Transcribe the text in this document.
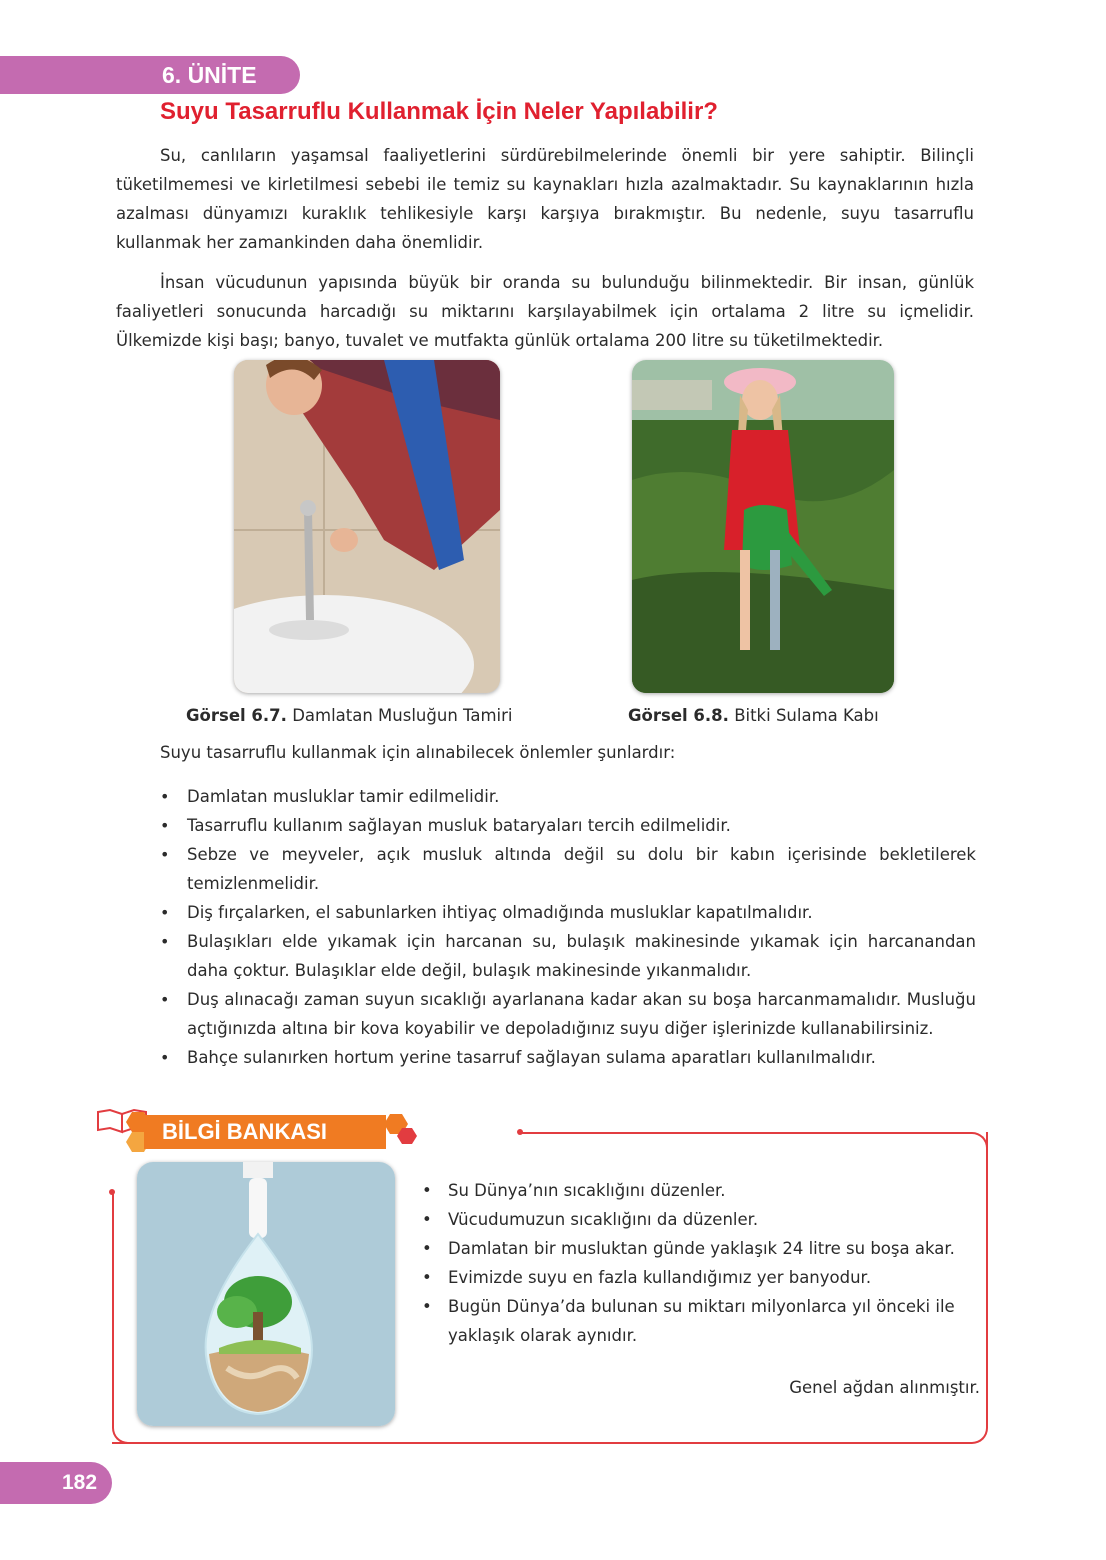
6. ÜNİTE
Suyu Tasarruflu Kullanmak İçin Neler Yapılabilir?

Su, canlıların yaşamsal faaliyetlerini sürdürebilmelerinde önemli bir yere sahiptir. Bilinçli tüketilmemesi ve kirletilmesi sebebi ile temiz su kaynakları hızla azalmaktadır. Su kaynaklarının hızla azalması dünyamızı kuraklık tehlikesiyle karşı karşıya bırakmıştır. Bu nedenle, suyu tasarruflu kullanmak her zamankinden daha önemlidir.

İnsan vücudunun yapısında büyük bir oranda su bulunduğu bilinmektedir. Bir insan, günlük faaliyetleri sonucunda harcadığı su miktarını karşılayabilmek için ortalama 2 litre su içmelidir. Ülkemizde kişi başı; banyo, tuvalet ve mutfakta günlük ortalama 200 litre su tüketilmektedir.

Görsel 6.7. Damlatan Musluğun Tamiri	Görsel 6.8. Bitki Sulama Kabı

Suyu tasarruflu kullanmak için alınabilecek önlemler şunlardır:

• Damlatan musluklar tamir edilmelidir.
• Tasarruflu kullanım sağlayan musluk bataryaları tercih edilmelidir.
• Sebze ve meyveler, açık musluk altında değil su dolu bir kabın içerisinde bekletilerek temizlenmelidir.
• Diş fırçalarken, el sabunlarken ihtiyaç olmadığında musluklar kapatılmalıdır.
• Bulaşıkları elde yıkamak için harcanan su, bulaşık makinesinde yıkamak için harcanandan daha çoktur. Bulaşıklar elde değil, bulaşık makinesinde yıkanmalıdır.
• Duş alınacağı zaman suyun sıcaklığı ayarlanana kadar akan su boşa harcanmamalıdır. Musluğu açtığınızda altına bir kova koyabilir ve depoladığınız suyu diğer işlerinizde kullanabilirsiniz.
• Bahçe sulanırken hortum yerine tasarruf sağlayan sulama aparatları kullanılmalıdır.
BİLGİ BANKASI
• Su Dünya’nın sıcaklığını düzenler.
• Vücudumuzun sıcaklığını da düzenler.
• Damlatan bir musluktan günde yaklaşık 24 litre su boşa akar.
• Evimizde suyu en fazla kullandığımız yer banyodur.
• Bugün Dünya’da bulunan su miktarı milyonlarca yıl önceki ile yaklaşık olarak aynıdır.

Genel ağdan alınmıştır.

182
